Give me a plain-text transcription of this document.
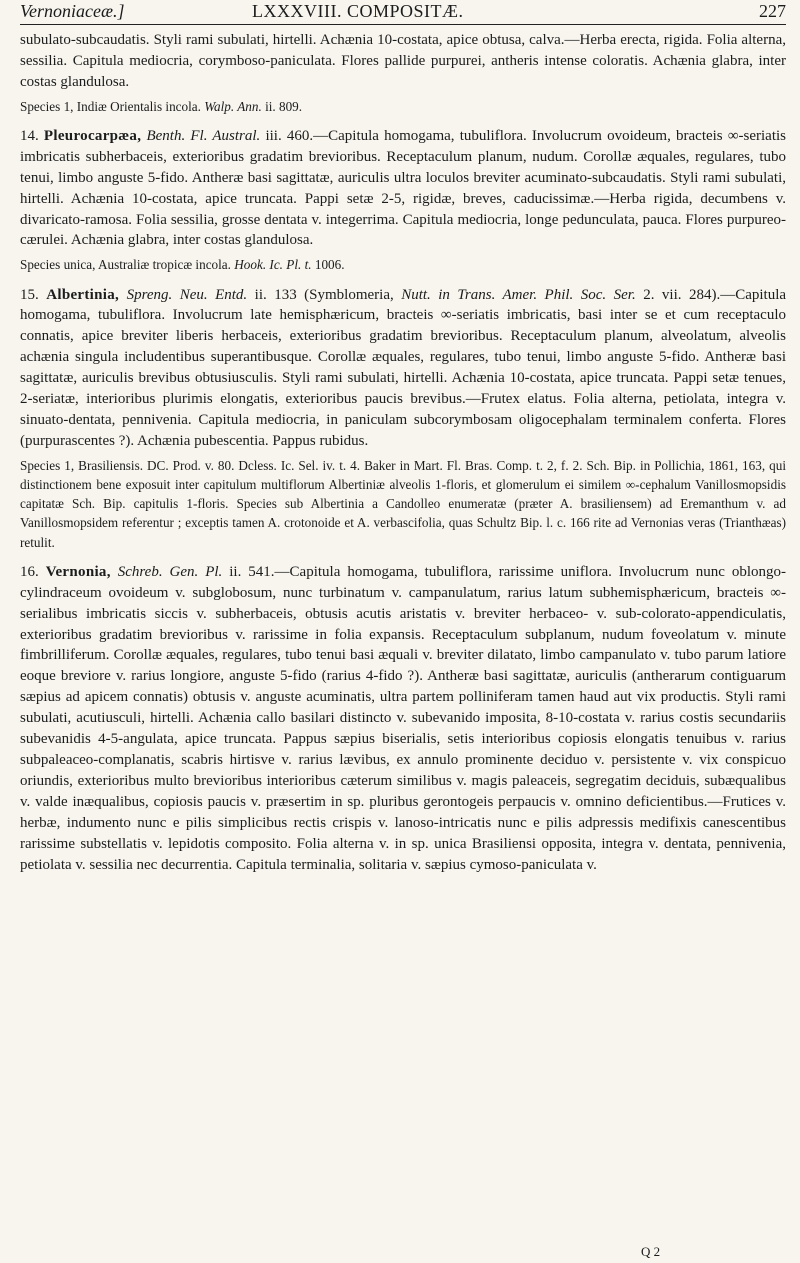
Vernoniaceæ.]	LXXXVIII. COMPOSITÆ.	227

subulato-subcaudatis. Styli rami subulati, hirtelli. Achænia 10-costata, apice obtusa, calva.—Herba erecta, rigida. Folia alterna, sessilia. Capitula mediocria, corymboso-paniculata. Flores pallide purpurei, antheris intense coloratis. Achænia glabra, inter costas glandulosa.

Species 1, Indiæ Orientalis incola. Walp. Ann. ii. 809.

14. Pleurocarpæa, Benth. Fl. Austral. iii. 460.—Capitula homogama, tubuliflora. Involucrum ovoideum, bracteis ∞-seriatis imbricatis subherbaceis, exterioribus gradatim brevioribus. Receptaculum planum, nudum. Corollæ æquales, regulares, tubo tenui, limbo anguste 5-fido. Antheræ basi sagittatæ, auriculis ultra loculos breviter acuminato-subcaudatis. Styli rami subulati, hirtelli. Achænia 10-costata, apice truncata. Pappi setæ 2-5, rigidæ, breves, caducissimæ.—Herba rigida, decumbens v. divaricato-ramosa. Folia sessilia, grosse dentata v. integerrima. Capitula mediocria, longe pedunculata, pauca. Flores purpureo-cærulei. Achænia glabra, inter costas glandulosa.

Species unica, Australiæ tropicæ incola. Hook. Ic. Pl. t. 1006.

15. Albertinia, Spreng. Neu. Entd. ii. 133 (Symblomeria, Nutt. in Trans. Amer. Phil. Soc. Ser. 2. vii. 284).—Capitula homogama, tubuliflora. Involucrum late hemisphæricum, bracteis ∞-seriatis imbricatis, basi inter se et cum receptaculo connatis, apice breviter liberis herbaceis, exterioribus gradatim brevioribus. Receptaculum planum, alveolatum, alveolis achænia singula includentibus superantibusque. Corollæ æquales, regulares, tubo tenui, limbo anguste 5-fido. Antheræ basi sagittatæ, auriculis brevibus obtusiusculis. Styli rami subulati, hirtelli. Achænia 10-costata, apice truncata. Pappi setæ tenues, 2-seriatæ, interioribus plurimis elongatis, exterioribus paucis brevibus.—Frutex elatus. Folia alterna, petiolata, integra v. sinuato-dentata, pennivenia. Capitula mediocria, in paniculam subcorymbosam oligocephalam terminalem conferta. Flores (purpurascentes ?). Achænia pubescentia. Pappus rubidus.

Species 1, Brasiliensis. DC. Prod. v. 80. Dcless. Ic. Sel. iv. t. 4. Baker in Mart. Fl. Bras. Comp. t. 2, f. 2. Sch. Bip. in Pollichia, 1861, 163, qui distinctionem bene exposuit inter capitulum multiflorum Albertiniæ alveolis 1-floris, et glomerulum ei similem ∞-cephalum Vanillosmopsidis capitatæ Sch. Bip. capitulis 1-floris. Species sub Albertinia a Candolleo enumeratæ (præter A. brasiliensem) ad Eremanthum v. ad Vanillosmopsidem referentur ; exceptis tamen A. crotonoide et A. verbascifolia, quas Schultz Bip. l. c. 166 rite ad Vernonias veras (Trianthæas) retulit.

16. Vernonia, Schreb. Gen. Pl. ii. 541.—Capitula homogama, tubuliflora, rarissime uniflora. Involucrum nunc oblongo-cylindraceum ovoideum v. subglobosum, nunc turbinatum v. campanulatum, rarius latum subhemisphæricum, bracteis ∞-serialibus imbricatis siccis v. subherbaceis, obtusis acutis aristatis v. breviter herbaceo- v. sub-colorato-appendiculatis, exterioribus gradatim brevioribus v. rarissime in folia expansis. Receptaculum subplanum, nudum foveolatum v. minute fimbrilliferum. Corollæ æquales, regulares, tubo tenui basi æquali v. breviter dilatato, limbo campanulato v. tubo parum latiore eoque breviore v. rarius longiore, anguste 5-fido (rarius 4-fido ?). Antheræ basi sagittatæ, auriculis (antherarum contiguarum sæpius ad apicem connatis) obtusis v. anguste acuminatis, ultra partem polliniferam tamen haud aut vix productis. Styli rami subulati, acutiusculi, hirtelli. Achænia callo basilari distincto v. subevanido imposita, 8-10-costata v. rarius costis secundariis subevanidis 4-5-angulata, apice truncata. Pappus sæpius biserialis, setis interioribus copiosis elongatis tenuibus v. rarius subpaleaceo-complanatis, scabris hirtisve v. rarius lævibus, ex annulo prominente deciduo v. persistente v. vix conspicuo oriundis, exterioribus multo brevioribus interioribus cæterum similibus v. magis paleaceis, segregatim deciduis, subæqualibus v. valde inæqualibus, copiosis paucis v. præsertim in sp. pluribus gerontogeis perpaucis v. omnino deficientibus.—Frutices v. herbæ, indumento nunc e pilis simplicibus rectis crispis v. lanoso-intricatis nunc e pilis adpressis medifixis canescentibus rarissime substellatis v. lepidotis composito. Folia alterna v. in sp. unica Brasiliensi opposita, integra v. dentata, pennivenia, petiolata v. sessilia nec decurrentia. Capitula terminalia, solitaria v. sæpius cymoso-paniculata v.

Q 2
